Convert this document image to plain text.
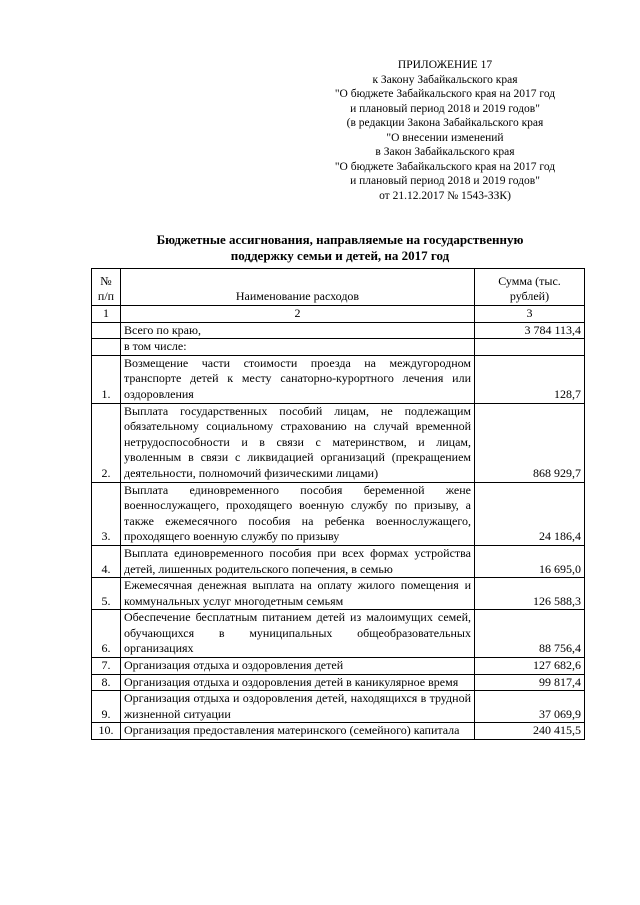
ПРИЛОЖЕНИЕ 17
к Закону Забайкальского края
"О бюджете Забайкальского края на 2017 год
и плановый период 2018 и 2019 годов"
(в редакции Закона Забайкальского края
"О внесении изменений
в Закон Забайкальского края
"О бюджете Забайкальского края на 2017 год
и плановый период 2018 и 2019 годов"
от 21.12.2017 № 1543-ЗЗК)
Бюджетные ассигнования, направляемые на государственную
поддержку семьи и детей, на 2017 год
№ п/п	Наименование расходов	Сумма (тыс. рублей)
1	2	3
	Всего по краю,	3 784 113,4
	в том числе:	
1.	Возмещение части стоимости проезда на междугородном транспорте детей к месту санаторно-курортного лечения или оздоровления	128,7
2.	Выплата государственных пособий лицам, не подлежащим обязательному социальному страхованию на случай временной нетрудоспособности и в связи с материнством, и лицам, уволенным в связи с ликвидацией организаций (прекращением деятельности, полномочий физическими лицами)	868 929,7
3.	Выплата единовременного пособия беременной жене военнослужащего, проходящего военную службу по призыву, а также ежемесячного пособия на ребенка военнослужащего, проходящего военную службу по призыву	24 186,4
4.	Выплата единовременного пособия при всех формах устройства детей, лишенных родительского попечения, в семью	16 695,0
5.	Ежемесячная денежная выплата на оплату жилого помещения и коммунальных услуг многодетным семьям	126 588,3
6.	Обеспечение бесплатным питанием детей из малоимущих семей, обучающихся в муниципальных общеобразовательных организациях	88 756,4
7.	Организация отдыха и оздоровления детей	127 682,6
8.	Организация отдыха и оздоровления детей в каникулярное время	99 817,4
9.	Организация отдыха и оздоровления детей, находящихся в трудной жизненной ситуации	37 069,9
10.	Организация предоставления материнского (семейного) капитала	240 415,5
